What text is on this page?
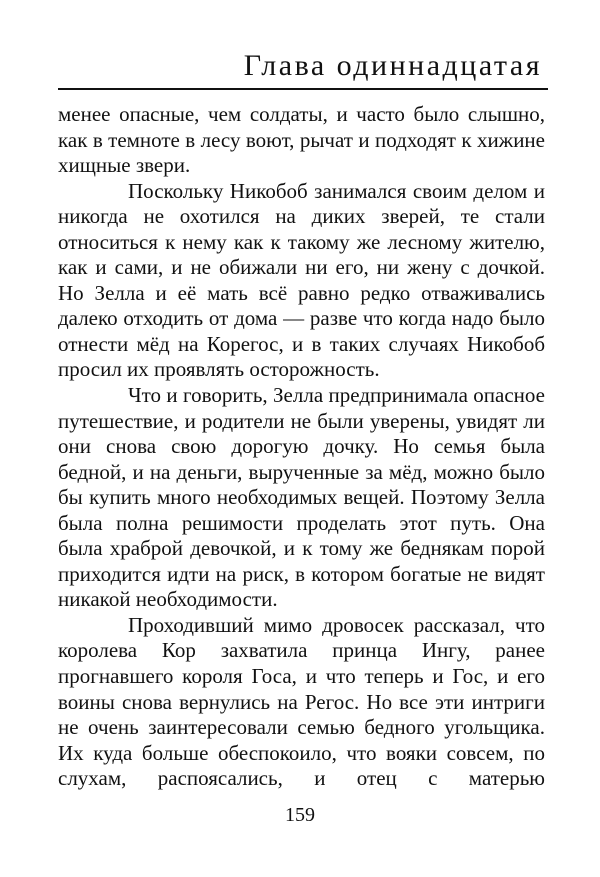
Глава одиннадцатая

менее опасные, чем солдаты, и часто было слышно, как в темноте в лесу воют, рычат и подходят к хижине хищные звери.

Поскольку Никобоб занимался своим делом и никогда не охотился на диких зверей, те стали относиться к нему как к такому же лесному жителю, как и сами, и не обижали ни его, ни жену с дочкой. Но Зелла и её мать всё равно редко отваживались далеко отходить от дома — разве что когда надо было отнести мёд на Корегос, и в таких случаях Никобоб просил их проявлять осторожность.

Что и говорить, Зелла предпринимала опасное путешествие, и родители не были уверены, увидят ли они снова свою дорогую дочку. Но семья была бедной, и на деньги, вырученные за мёд, можно было бы купить много необходимых вещей. Поэтому Зелла была полна решимости проделать этот путь. Она была храброй девочкой, и к тому же беднякам порой приходится идти на риск, в котором богатые не видят никакой необходимости.

Проходивший мимо дровосек рассказал, что королева Кор захватила принца Ингу, ранее прогнавшего короля Госа, и что теперь и Гос, и его воины снова вернулись на Регос. Но все эти интриги не очень заинтересовали семью бедного угольщика. Их куда больше обеспокоило, что вояки совсем, по слухам, распоясались, и отец с матерью

159
